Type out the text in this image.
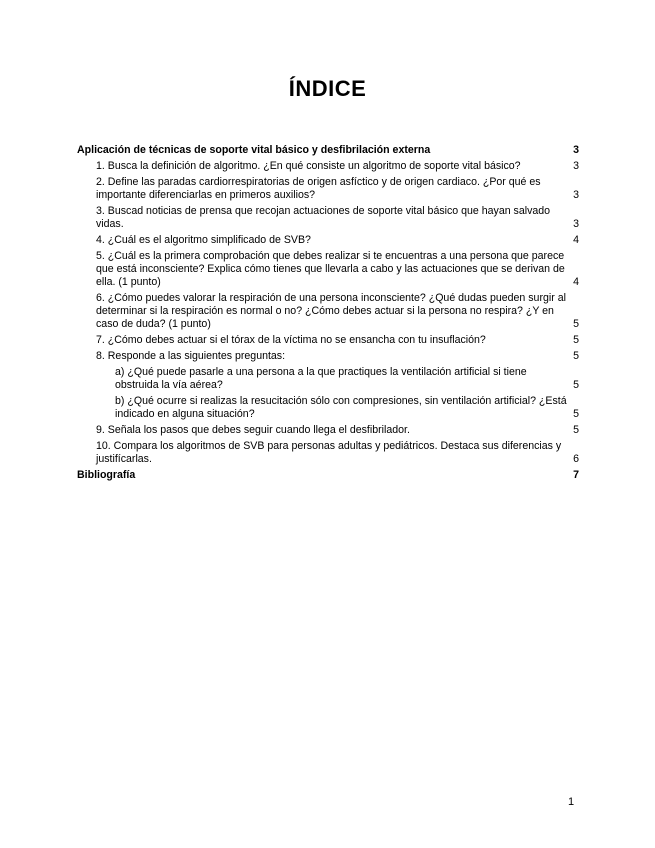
ÍNDICE
Aplicación de técnicas de soporte vital básico y desfibrilación externa	3
1. Busca la definición de algoritmo. ¿En qué consiste un algoritmo de soporte vital básico?	3
2. Define las paradas cardiorrespiratorias de origen asfíctico y de origen cardiaco. ¿Por qué es importante diferenciarlas en primeros auxilios?	3
3. Buscad noticias de prensa que recojan actuaciones de soporte vital básico que hayan salvado vidas.	3
4. ¿Cuál es el algoritmo simplificado de SVB?	4
5. ¿Cuál es la primera comprobación que debes realizar si te encuentras a una persona que parece que está inconsciente? Explica cómo tienes que llevarla a cabo y las actuaciones que se derivan de ella. (1 punto)	4
6. ¿Cómo puedes valorar la respiración de una persona inconsciente? ¿Qué dudas pueden surgir al determinar si la respiración es normal o no? ¿Cómo debes actuar si la persona no respira? ¿Y en caso de duda? (1 punto)	5
7. ¿Cómo debes actuar si el tórax de la víctima no se ensancha con tu insuflación?	5
8. Responde a las siguientes preguntas:	5
a) ¿Qué puede pasarle a una persona a la que practiques la ventilación artificial si tiene obstruida la vía aérea?	5
b) ¿Qué ocurre si realizas la resucitación sólo con compresiones, sin ventilación artificial? ¿Está indicado en alguna situación?	5
9. Señala los pasos que debes seguir cuando llega el desfibrilador.	5
10. Compara los algoritmos de SVB para personas adultas y pediátricos. Destaca sus diferencias y justifícarlas.	6
Bibliografía	7
1
